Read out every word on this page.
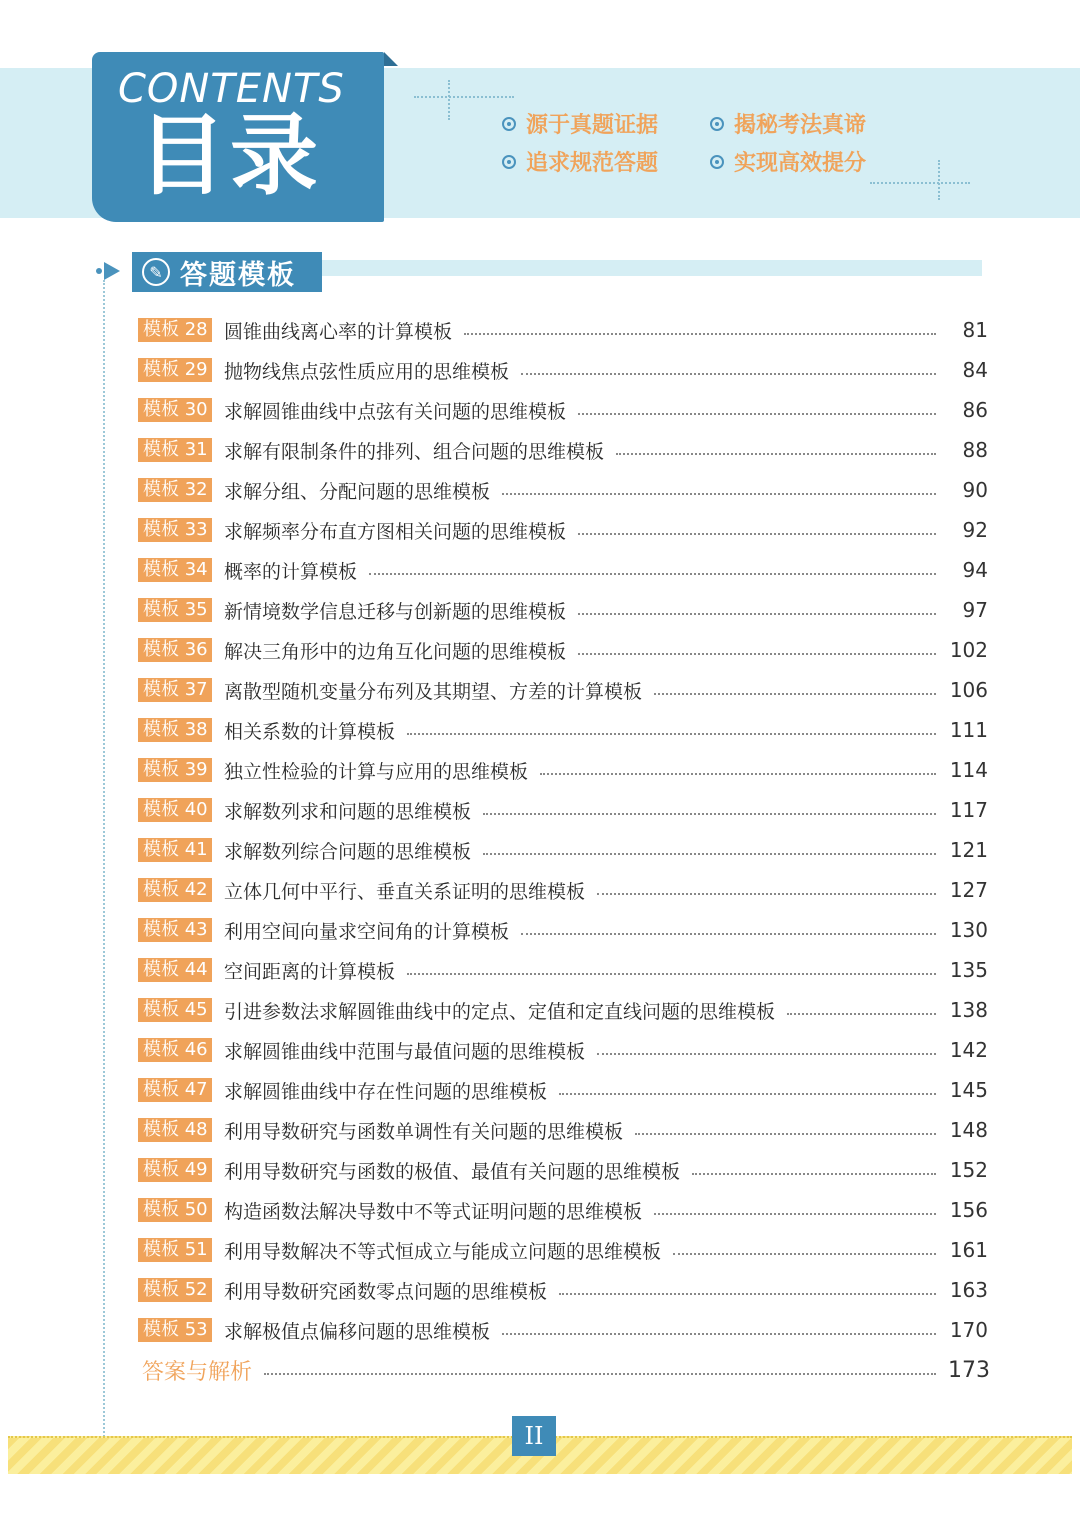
CONTENTS
目录	源于真题证据	揭秘考法真谛
追求规范答题	实现高效提分
✎ 答题模板
模板 28 圆锥曲线离心率的计算模板	81
模板 29 抛物线焦点弦性质应用的思维模板	84
模板 30 求解圆锥曲线中点弦有关问题的思维模板	86
模板 31 求解有限制条件的排列、组合问题的思维模板	88
模板 32 求解分组、分配问题的思维模板	90
模板 33 求解频率分布直方图相关问题的思维模板	92
模板 34 概率的计算模板	94
模板 35 新情境数学信息迁移与创新题的思维模板	97
模板 36 解决三角形中的边角互化问题的思维模板	102
模板 37 离散型随机变量分布列及其期望、方差的计算模板	106
模板 38 相关系数的计算模板	111
模板 39 独立性检验的计算与应用的思维模板	114
模板 40 求解数列求和问题的思维模板	117
模板 41 求解数列综合问题的思维模板	121
模板 42 立体几何中平行、垂直关系证明的思维模板	127
模板 43 利用空间向量求空间角的计算模板	130
模板 44 空间距离的计算模板	135
模板 45 引进参数法求解圆锥曲线中的定点、定值和定直线问题的思维模板	138
模板 46 求解圆锥曲线中范围与最值问题的思维模板	142
模板 47 求解圆锥曲线中存在性问题的思维模板	145
模板 48 利用导数研究与函数单调性有关问题的思维模板	148
模板 49 利用导数研究与函数的极值、最值有关问题的思维模板	152
模板 50 构造函数法解决导数中不等式证明问题的思维模板	156
模板 51 利用导数解决不等式恒成立与能成立问题的思维模板	161
模板 52 利用导数研究函数零点问题的思维模板	163
模板 53 求解极值点偏移问题的思维模板	170
答案与解析	173
II
